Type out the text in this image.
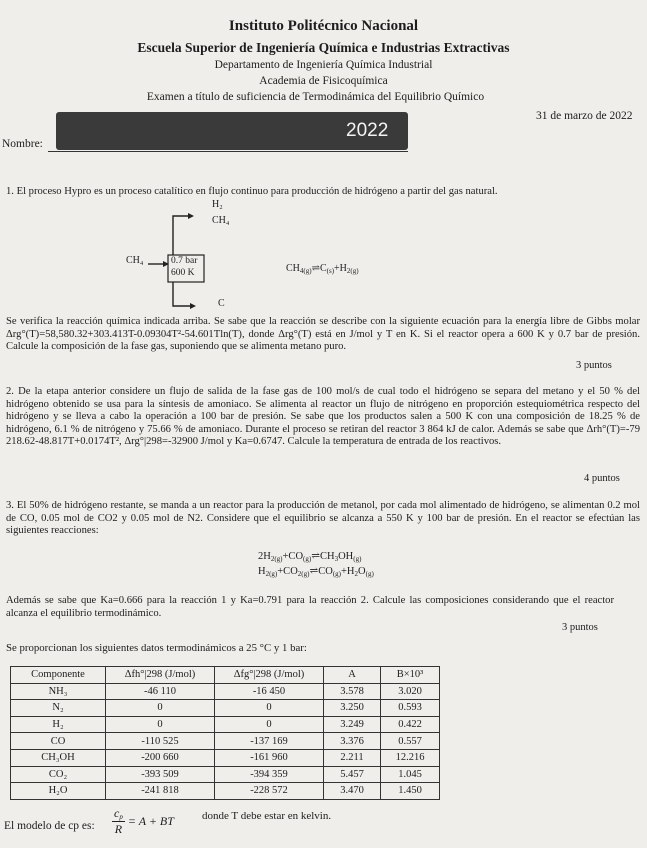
Instituto Politécnico Nacional
Escuela Superior de Ingeniería Química e Industrias Extractivas
Departamento de Ingeniería Química Industrial
Academia de Fisicoquímica
Examen a título de suficiencia de Termodinámica del Equilibrio Químico
31 de marzo de 2022
2022
Nombre:

1. El proceso Hypro es un proceso catalítico en flujo continuo para producción de hidrógeno a partir del gas natural.

H₂
CH₄
CH₄	0.7 bar
600 K
C
$CH_{4(g)}\rightleftharpoons C_{(s)}+H_{2(g)}$

Se verifica la reacción química indicada arriba. Se sabe que la reacción se describe con la siguiente ecuación para la energía libre de Gibbs molar Δrg°(T)=58,580.32+303.413T-0.09304T²-54.601Tln(T), donde Δrg°(T) está en J/mol y T en K. Si el reactor opera a 600 K y 0.7 bar de presión. Calcule la composición de la fase gas, suponiendo que se alimenta metano puro.

3 puntos

2. De la etapa anterior considere un flujo de salida de la fase gas de 100 mol/s de cual todo el hidrógeno se separa del metano y el 50 % del hidrógeno obtenido se usa para la síntesis de amoniaco. Se alimenta al reactor un flujo de nitrógeno en proporción estequiométrica respecto del hidrógeno y se lleva a cabo la operación a 100 bar de presión. Se sabe que los productos salen a 500 K con una composición de 18.25 % de hidrógeno, 6.1 % de nitrógeno y 75.66 % de amoniaco. Durante el proceso se retiran del reactor 3 864 kJ de calor. Además se sabe que Δrh°(T)=-79 218.62-48.817T+0.0174T², Δrg°|298=-32900 J/mol y Ka=0.6747. Calcule la temperatura de entrada de los reactivos.

4 puntos

3. El 50% de hidrógeno restante, se manda a un reactor para la producción de metanol, por cada mol alimentado de hidrógeno, se alimentan 0.2 mol de CO, 0.05 mol de CO2 y 0.05 mol de N2. Considere que el equilibrio se alcanza a 550 K y 100 bar de presión. En el reactor se efectúan las siguientes reacciones:

$2H_{2(g)}+CO_{(g)}\rightleftharpoons CH_3OH_{(g)}$
$H_{2(g)}+CO_{2(g)}\rightleftharpoons CO_{(g)}+H_2O_{(g)}$

Además se sabe que Ka=0.666 para la reacción 1 y Ka=0.791 para la reacción 2. Calcule las composiciones considerando que el reactor alcanza el equilibrio termodinámico.

3 puntos
Se proporcionan los siguientes datos termodinámicos a 25 °C y 1 bar:
Componente	Δfh°|298 (J/mol)	Δfg°|298 (J/mol)	A	B×10³
NH₃	-46 110	-16 450	3.578	3.020
N₂	0	0	3.250	0.593
H₂	0	0	3.249	0.422
CO	-110 525	-137 169	3.376	0.557
CH₃OH	-200 660	-161 960	2.211	12.216
CO₂	-393 509	-394 359	5.457	1.045
H₂O	-241 818	-228 572	3.470	1.450
El modelo de cp es: $\frac{c_p}{R} = A$ + BT	donde T debe estar en kelvin.
